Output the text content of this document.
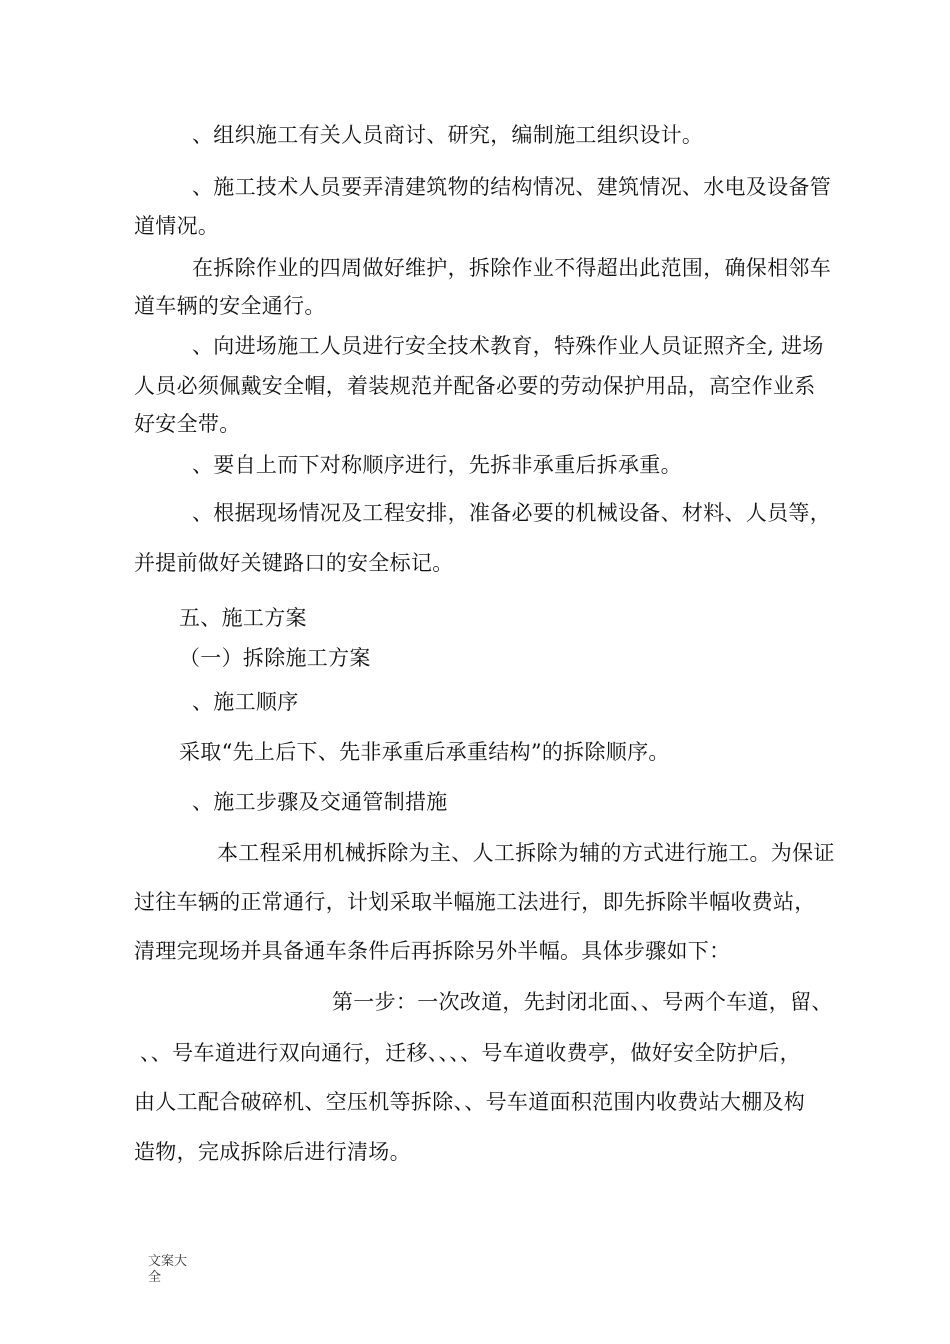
、组织施工有关人员商讨、研究，编制施工组织设计。
、施工技术人员要弄清建筑物的结构情况、建筑情况、水电及设备管
道情况。
在拆除作业的四周做好维护，拆除作业不得超出此范围，确保相邻车
道车辆的安全通行。
、向进场施工人员进行安全技术教育，特殊作业人员证照齐全, 进场
人员必须佩戴安全帽，着装规范并配备必要的劳动保护用品，高空作业系
好安全带。
、要自上而下对称顺序进行，先拆非承重后拆承重。
、根据现场情况及工程安排，准备必要的机械设备、材料、人员等，
并提前做好关键路口的安全标记。
五、施工方案
（一）拆除施工方案
、施工顺序
采取“先上后下、先非承重后承重结构”的拆除顺序。
、施工步骤及交通管制措施
本工程采用机械拆除为主、人工拆除为辅的方式进行施工。为保证
过往车辆的正常通行，计划采取半幅施工法进行，即先拆除半幅收费站，
清理完现场并具备通车条件后再拆除另外半幅。具体步骤如下：
第一步：一次改道，先封闭北面、、号两个车道，留、
、、号车道进行双向通行，迁移、、、、号车道收费亭，做好安全防护后，
由人工配合破碎机、空压机等拆除、、号车道面积范围内收费站大棚及构
造物，完成拆除后进行清场。
文案大全
